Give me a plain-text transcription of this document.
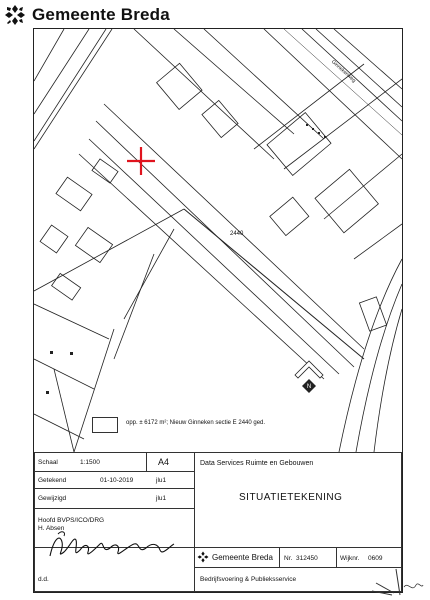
Gemeente Breda
2440
Ginnekenweg
N
opp. ± 6172 m²; Nieuw Ginneken sectie E 2440 ged.
Schaal	1:1500	A4
Getekend	01-10-2019	jlu1
Gewijzigd	jlu1
Hoofd BVPS/ICO/DRG
H. Absen
Data Services Ruimte en Gebouwen
SITUATIETEKENING
Gemeente Breda Nr. 312450	Wijknr. 0609
d.d.	Bedrijfsvoering & Publieksservice
